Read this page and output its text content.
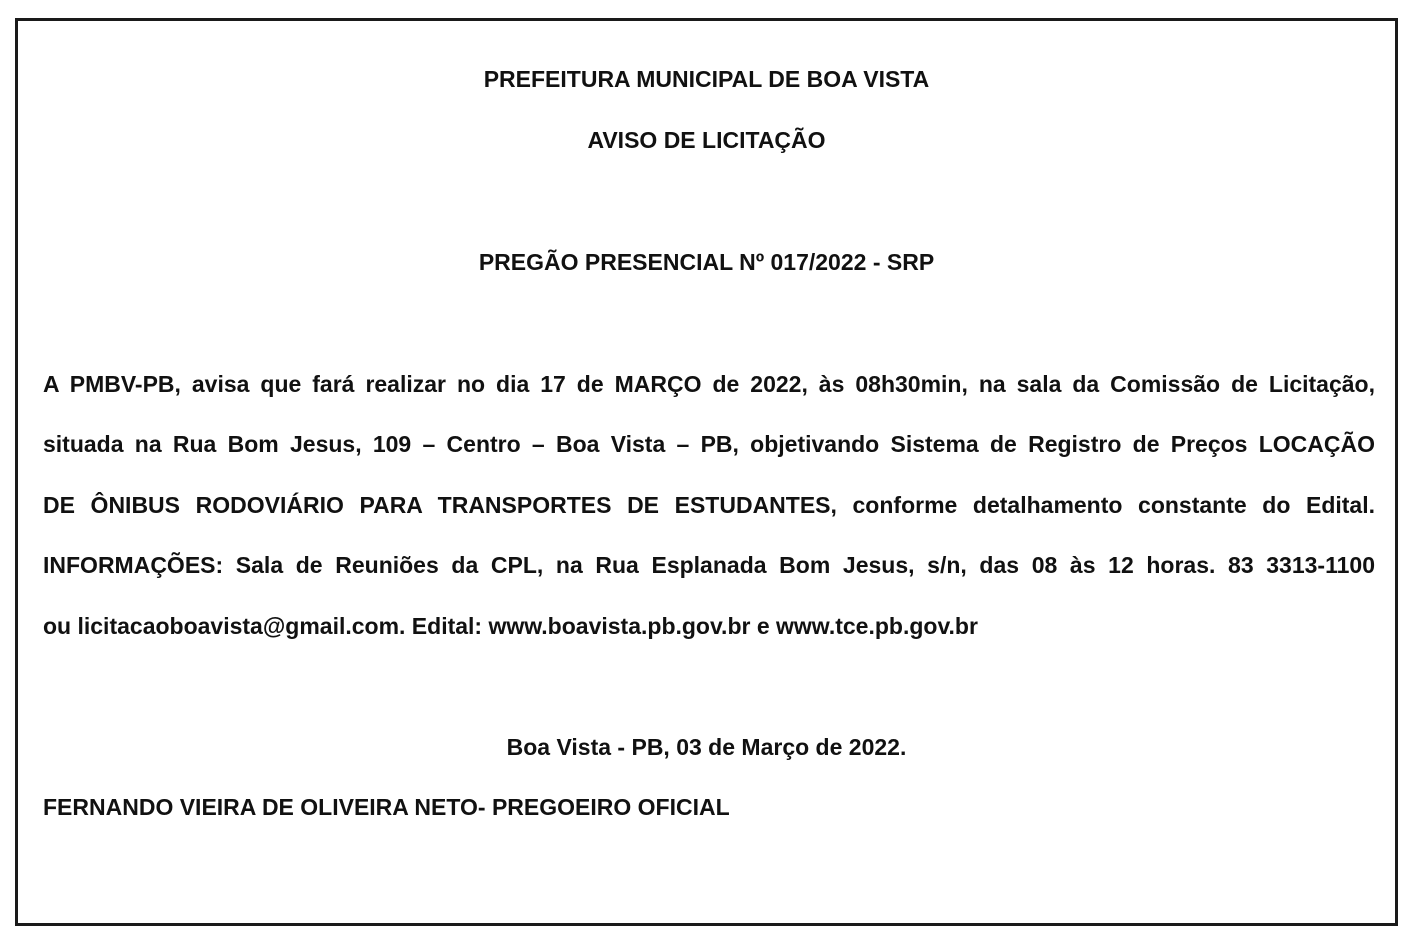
PREFEITURA MUNICIPAL DE BOA VISTA
AVISO DE LICITAÇÃO
PREGÃO PRESENCIAL Nº 017/2022 - SRP
A PMBV-PB, avisa que fará realizar no dia 17 de MARÇO de 2022, às 08h30min, na sala da Comissão de Licitação,
situada na Rua Bom Jesus, 109 – Centro – Boa Vista – PB, objetivando Sistema de Registro de Preços LOCAÇÃO
DE ÔNIBUS RODOVIÁRIO PARA TRANSPORTES DE ESTUDANTES, conforme detalhamento constante do Edital.
INFORMAÇÕES: Sala de Reuniões da CPL, na Rua Esplanada Bom Jesus, s/n, das 08 às 12 horas. 83 3313-1100
ou licitacaoboavista@gmail.com. Edital: www.boavista.pb.gov.br e www.tce.pb.gov.br
Boa Vista - PB, 03 de Março de 2022.
FERNANDO VIEIRA DE OLIVEIRA NETO- PREGOEIRO OFICIAL
